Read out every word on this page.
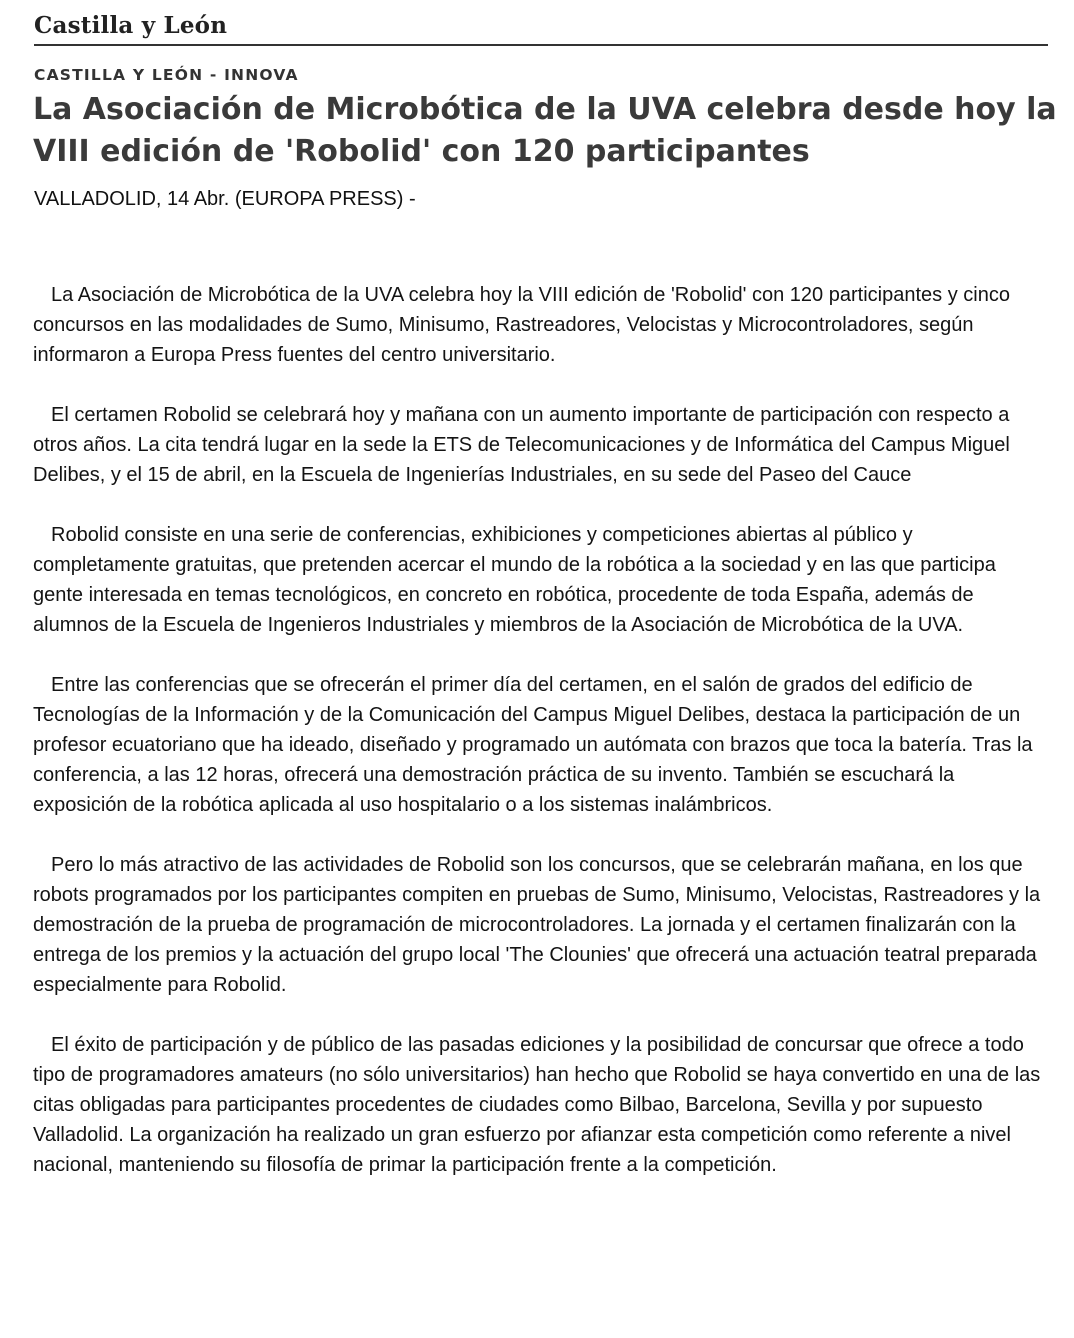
Castilla y León
CASTILLA Y LEÓN - INNOVA
La Asociación de Microbótica de la UVA celebra desde hoy la VIII edición de 'Robolid' con 120 participantes
VALLADOLID, 14 Abr. (EUROPA PRESS) -

La Asociación de Microbótica de la UVA celebra hoy la VIII edición de 'Robolid' con 120 participantes y cinco concursos en las modalidades de Sumo, Minisumo, Rastreadores, Velocistas y Microcontroladores, según informaron a Europa Press fuentes del centro universitario.

El certamen Robolid se celebrará hoy y mañana con un aumento importante de participación con respecto a otros años. La cita tendrá lugar en la sede la ETS de Telecomunicaciones y de Informática del Campus Miguel Delibes, y el 15 de abril, en la Escuela de Ingenierías Industriales, en su sede del Paseo del Cauce

Robolid consiste en una serie de conferencias, exhibiciones y competiciones abiertas al público y completamente gratuitas, que pretenden acercar el mundo de la robótica a la sociedad y en las que participa gente interesada en temas tecnológicos, en concreto en robótica, procedente de toda España, además de alumnos de la Escuela de Ingenieros Industriales y miembros de la Asociación de Microbótica de la UVA.

Entre las conferencias que se ofrecerán el primer día del certamen, en el salón de grados del edificio de Tecnologías de la Información y de la Comunicación del Campus Miguel Delibes, destaca la participación de un profesor ecuatoriano que ha ideado, diseñado y programado un autómata con brazos que toca la batería. Tras la conferencia, a las 12 horas, ofrecerá una demostración práctica de su invento. También se escuchará la exposición de la robótica aplicada al uso hospitalario o a los sistemas inalámbricos.

Pero lo más atractivo de las actividades de Robolid son los concursos, que se celebrarán mañana, en los que robots programados por los participantes compiten en pruebas de Sumo, Minisumo, Velocistas, Rastreadores y la demostración de la prueba de programación de microcontroladores. La jornada y el certamen finalizarán con la entrega de los premios y la actuación del grupo local 'The Clounies' que ofrecerá una actuación teatral preparada especialmente para Robolid.

El éxito de participación y de público de las pasadas ediciones y la posibilidad de concursar que ofrece a todo tipo de programadores amateurs (no sólo universitarios) han hecho que Robolid se haya convertido en una de las citas obligadas para participantes procedentes de ciudades como Bilbao, Barcelona, Sevilla y por supuesto Valladolid. La organización ha realizado un gran esfuerzo por afianzar esta competición como referente a nivel nacional, manteniendo su filosofía de primar la participación frente a la competición.
